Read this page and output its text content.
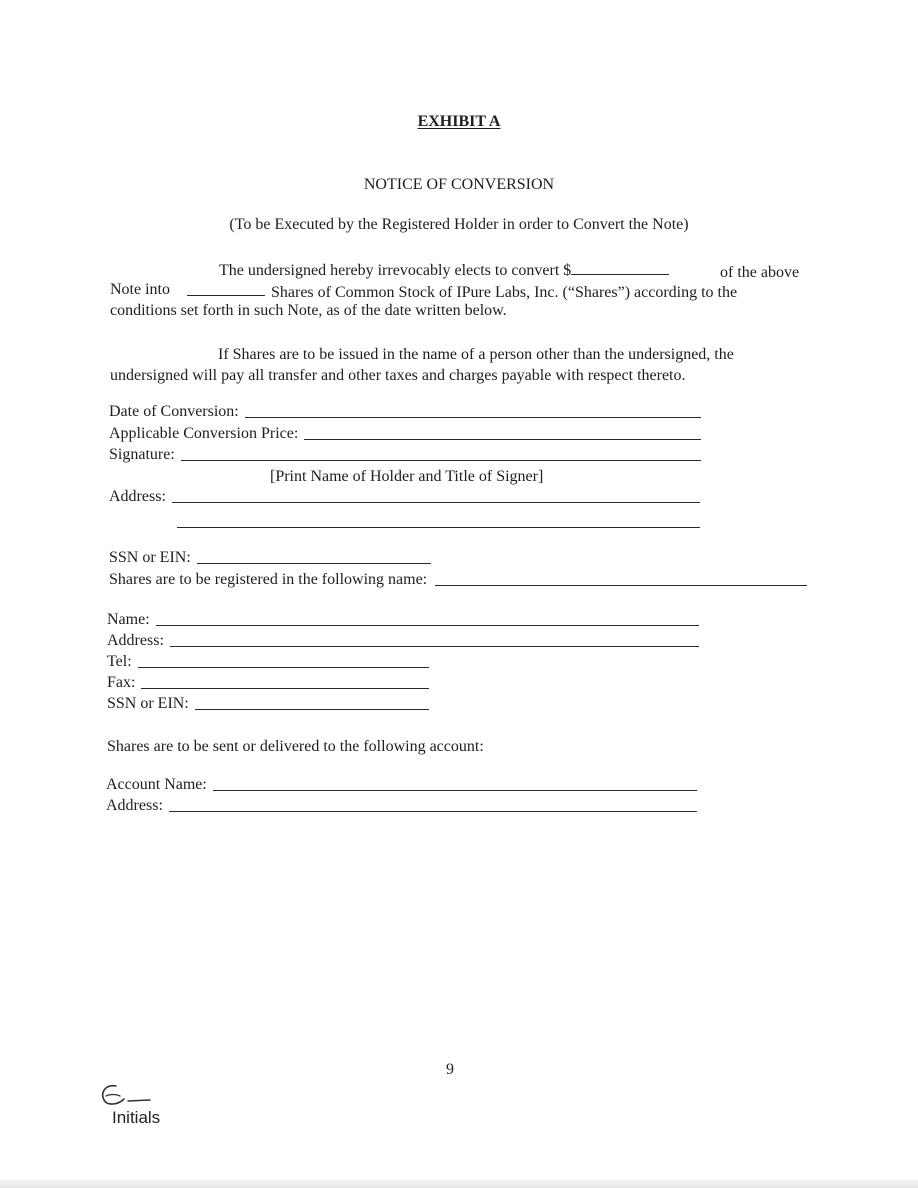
EXHIBIT A
NOTICE OF CONVERSION
(To be Executed by the Registered Holder in order to Convert the Note)
The undersigned hereby irrevocably elects to convert $	of the above
Note into	Shares of Common Stock of IPure Labs, Inc. (“Shares”) according to the
conditions set forth in such Note, as of the date written below.
If Shares are to be issued in the name of a person other than the undersigned, the
undersigned will pay all transfer and other taxes and charges payable with respect thereto.
Date of Conversion:
Applicable Conversion Price:
Signature:
[Print Name of Holder and Title of Signer]
Address:
SSN or EIN:
Shares are to be registered in the following name:
Name:
Address:
Tel:
Fax:
SSN or EIN:
Shares are to be sent or delivered to the following account:
Account Name:
Address:
9
Initials
